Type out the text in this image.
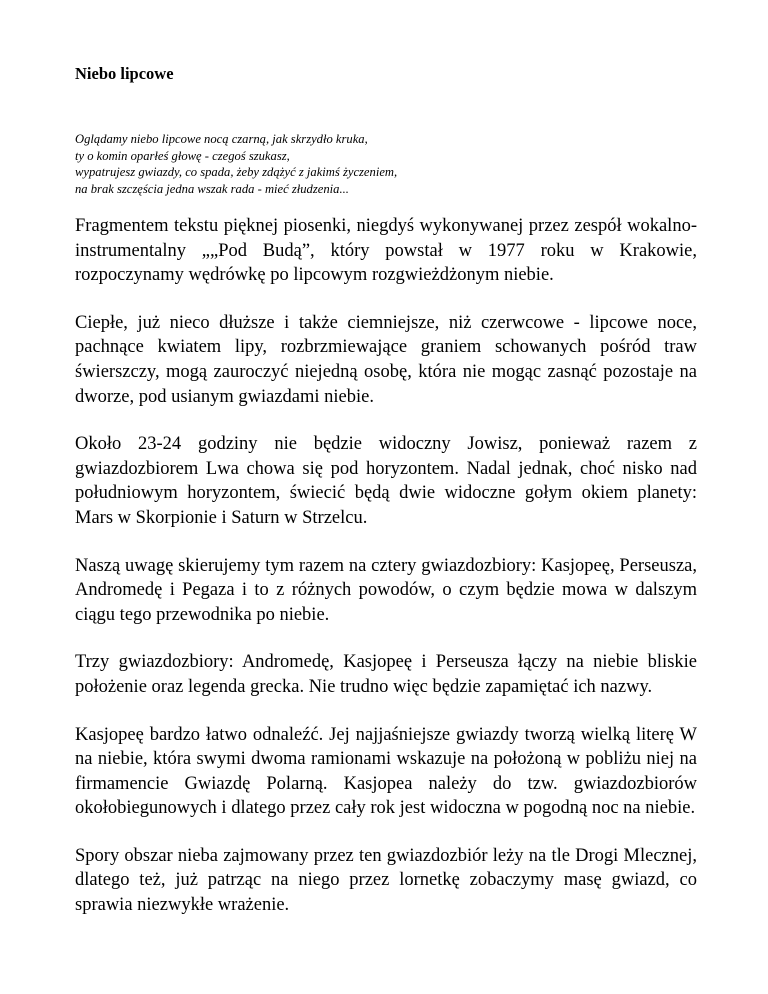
Niebo lipcowe
Oglądamy niebo lipcowe nocą czarną, jak skrzydło kruka,
ty o komin oparłeś głowę - czegoś szukasz,
wypatrujesz gwiazdy, co spada, żeby zdążyć z jakimś życzeniem,
na brak szczęścia jedna wszak rada - mieć złudzenia...

Fragmentem tekstu pięknej piosenki, niegdyś wykonywanej przez zespół wokalno-instrumentalny „„Pod Budą”, który powstał w 1977 roku w Krakowie, rozpoczynamy wędrówkę po lipcowym rozgwieżdżonym niebie.

Ciepłe, już nieco dłuższe i także ciemniejsze, niż czerwcowe - lipcowe noce, pachnące kwiatem lipy, rozbrzmiewające graniem schowanych pośród traw świerszczy, mogą zauroczyć niejedną osobę, która nie mogąc zasnąć pozostaje na dworze, pod usianym gwiazdami niebie.

Około 23-24 godziny nie będzie widoczny Jowisz, ponieważ razem z gwiazdozbiorem Lwa chowa się pod horyzontem. Nadal jednak, choć nisko nad południowym horyzontem, świecić będą dwie widoczne gołym okiem planety: Mars w Skorpionie i Saturn w Strzelcu.

Naszą uwagę skierujemy tym razem na cztery gwiazdozbiory: Kasjopeę, Perseusza, Andromedę i Pegaza i to z różnych powodów, o czym będzie mowa w dalszym ciągu tego przewodnika po niebie.

Trzy gwiazdozbiory: Andromedę, Kasjopeę i Perseusza łączy na niebie bliskie położenie oraz legenda grecka. Nie trudno więc będzie zapamiętać ich nazwy.

Kasjopeę bardzo łatwo odnaleźć. Jej najjaśniejsze gwiazdy tworzą wielką literę W na niebie, która swymi dwoma ramionami wskazuje na położoną w pobliżu niej na firmamencie Gwiazdę Polarną. Kasjopea należy do tzw. gwiazdozbiorów okołobiegunowych i dlatego przez cały rok jest widoczna w pogodną noc na niebie.

Spory obszar nieba zajmowany przez ten gwiazdozbiór leży na tle Drogi Mlecznej, dlatego też, już patrząc na niego przez lornetkę zobaczymy masę gwiazd, co sprawia niezwykłe wrażenie.
